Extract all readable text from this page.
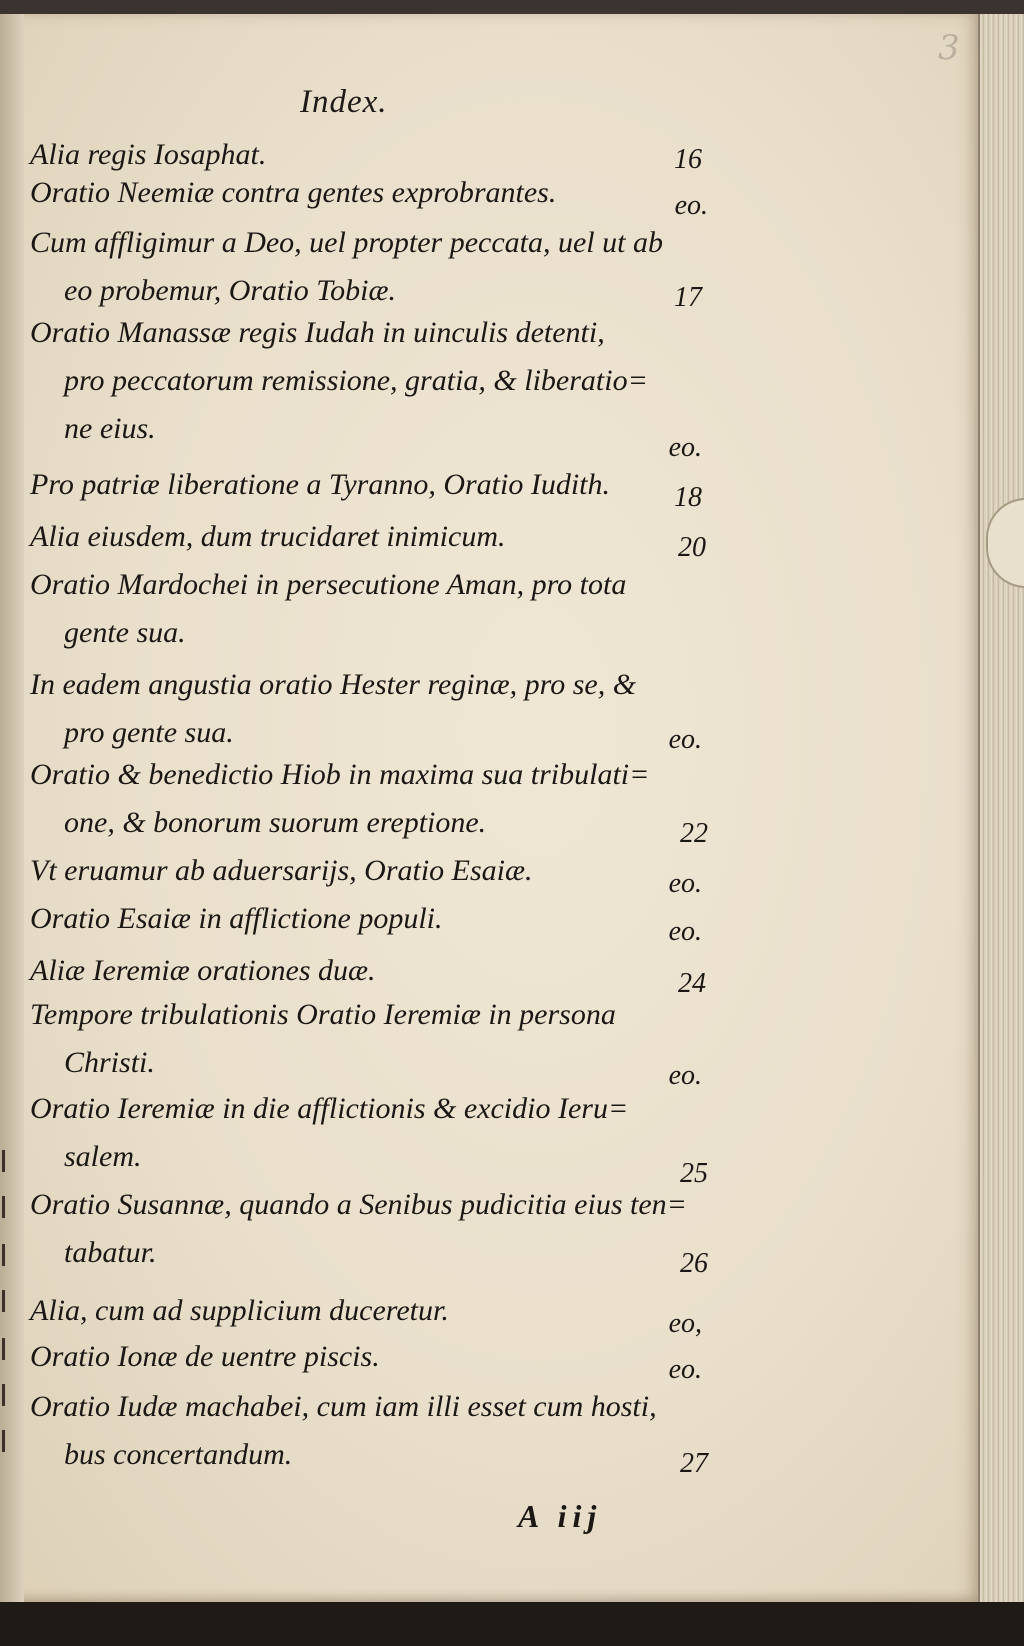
3
Index.
Alia regis Iosaphat.
Oratio Neemiæ contra gentes exprobrantes.
Cum affligimur a Deo, uel propter peccata, uel ut ab
eo probemur, Oratio Tobiæ.
Oratio Manassæ regis Iudah in uinculis detenti,
pro peccatorum remissione, gratia, & liberatio=
ne eius.
Pro patriæ liberatione a Tyranno, Oratio Iudith.
Alia eiusdem, dum trucidaret inimicum.
Oratio Mardochei in persecutione Aman, pro tota
gente sua.
In eadem angustia oratio Hester reginæ, pro se, &
pro gente sua.
Oratio & benedictio Hiob in maxima sua tribulati=
one, & bonorum suorum ereptione.
Vt eruamur ab aduersarijs, Oratio Esaiæ.
Oratio Esaiæ in afflictione populi.
Aliæ Ieremiæ orationes duæ.
Tempore tribulationis Oratio Ieremiæ in persona
Christi.
Oratio Ieremiæ in die afflictionis & excidio Ieru=
salem.
Oratio Susannæ, quando a Senibus pudicitia eius ten=
tabatur.
Alia, cum ad supplicium duceretur.
Oratio Ionæ de uentre piscis.
Oratio Iudæ machabei, cum iam illi esset cum hosti,
bus concertandum.
A iij
16
eo.
17
eo.
18
20
eo.
22
eo.
eo.
24
eo.
25
26
eo,
eo.
27
